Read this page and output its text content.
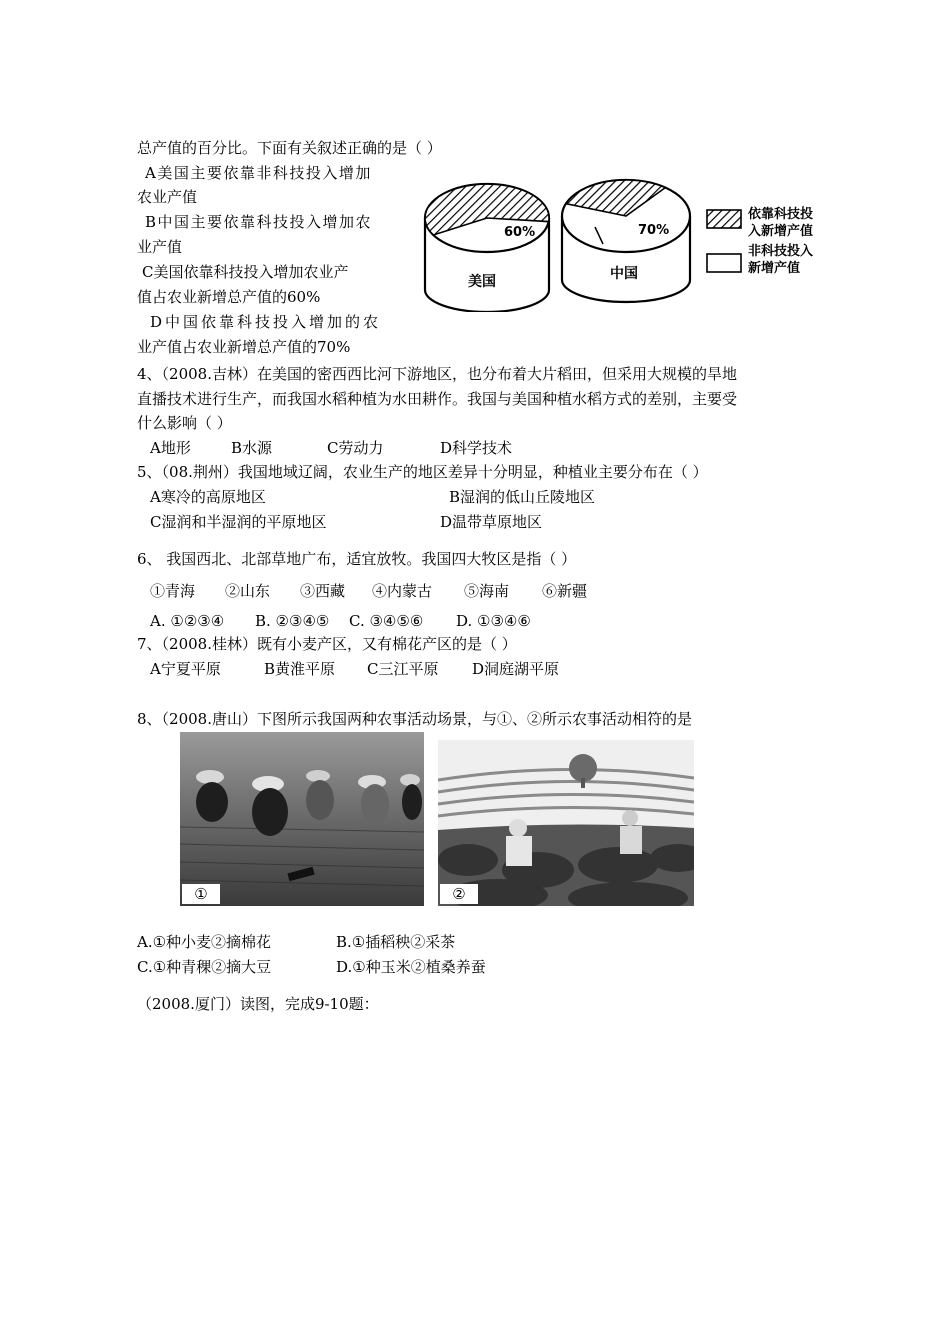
总产值的百分比。下面有关叙述正确的是（ ）
A美国主要依靠非科技投入增加
农业产值
B中国主要依靠科技投入增加农
业产值
C美国依靠科技投入增加农业产
值占农业新增总产值的60%
D中国依靠科技投入增加的农
业产值占农业新增总产值的70%
60%
美国
70%
中国
依靠科技投
入新增产值
非科技投入
新增产值
4、（2008.吉林）在美国的密西西比河下游地区，也分布着大片稻田，但采用大规模的旱地
直播技术进行生产，而我国水稻种植为水田耕作。我国与美国种植水稻方式的差别，主要受
什么影响（ ）
A地形	B水源	C劳动力	D科学技术
5、（08.荆州）我国地域辽阔，农业生产的地区差异十分明显，种植业主要分布在（ ）
A寒冷的高原地区	B湿润的低山丘陵地区
C湿润和半湿润的平原地区	D温带草原地区
6、 我国西北、北部草地广布，适宜放牧。我国四大牧区是指（ ）
①青海 ②山东 ③西藏 ④内蒙古 ⑤海南 ⑥新疆
A. ①②③④ B. ②③④⑤ C. ③④⑤⑥ D. ①③④⑥
7、（2008.桂林）既有小麦产区，又有棉花产区的是（ ）
A宁夏平原	B黄淮平原 C三江平原 D洞庭湖平原
8、（2008.唐山）下图所示我国两种农事活动场景，与①、②所示农事活动相符的是
①	②
A.①种小麦②摘棉花	B.①插稻秧②采茶
C.①种青稞②摘大豆	D.①种玉米②植桑养蚕
（2008.厦门）读图，完成9-10题：
